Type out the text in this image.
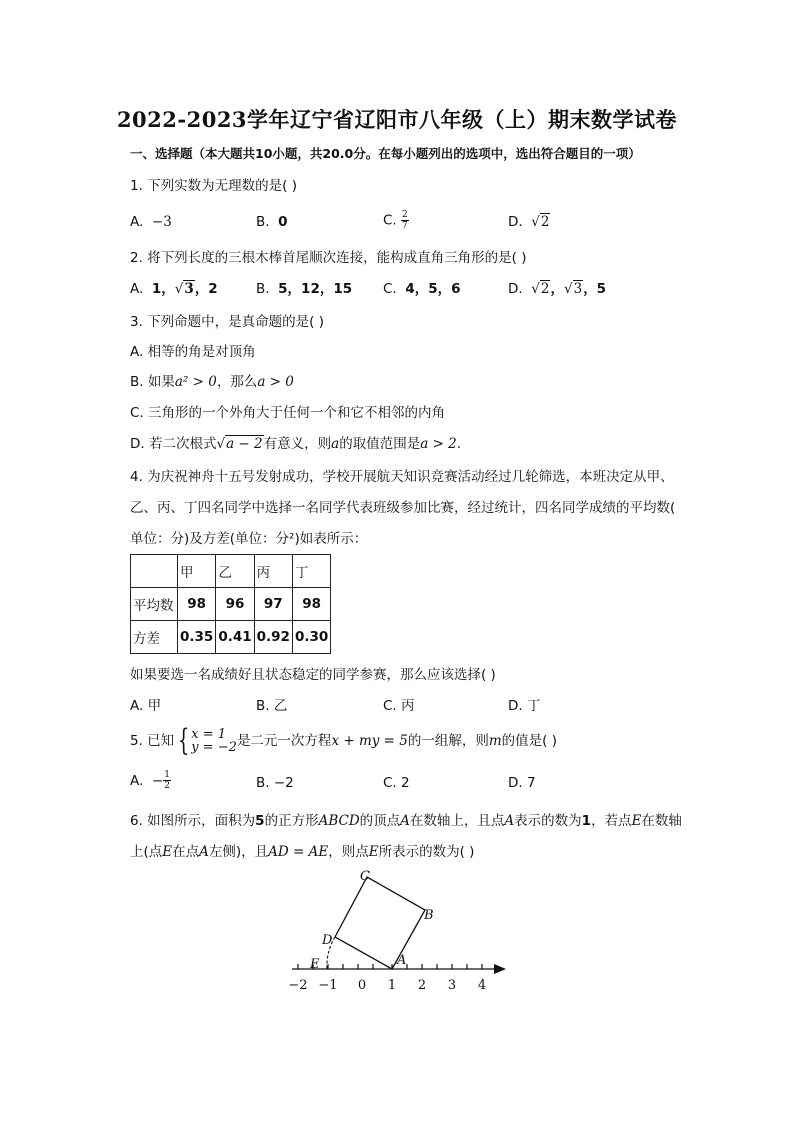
2022-2023学年辽宁省辽阳市八年级（上）期末数学试卷
一、选择题（本大题共10小题，共20.0分。在每小题列出的选项中，选出符合题目的一项）
1. 下列实数为无理数的是( )
A. −3	B. 0	C. $\frac{2}{7}$	D. √2
2. 将下列长度的三根木棒首尾顺次连接，能构成直角三角形的是( )
A. 1，√3，2	B. 5，12，15 C. 4，5，6	D. √2，√3，5
3. 下列命题中，是真命题的是( )
A. 相等的角是对顶角
B. 如果a² > 0，那么a > 0
C. 三角形的一个外角大于任何一个和它不相邻的内角
D. 若二次根式√a − 2有意义，则a的取值范围是a > 2.
4. 为庆祝神舟十五号发射成功，学校开展航天知识竞赛活动经过几轮筛选，本班决定从甲、
乙、丙、丁四名同学中选择一名同学代表班级参加比赛，经过统计，四名同学成绩的平均数(
单位：分)及方差(单位：分²)如表所示：
	甲	乙	丙	丁
平均数	98	96	97	98
方差	0.35	0.41	0.92	0.30
如果要选一名成绩好且状态稳定的同学参赛，那么应该选择( )
A. 甲	B. 乙	C. 丙	D. 丁
5. 已知 { x = 1
y = −2 是二元一次方程 x + my = 5 的一组解，则 m 的值是( )
A.
− $\frac{1}{2}$	B. −2	C. 2	D. 7
6. 如图所示，面积为5的正方形ABCD的顶点A在数轴上，且点A表示的数为1，若点E在数轴
上(点E在点A左侧)，且AD = AE，则点E所表示的数为( )
C
B
D
A
E
−2 −1 0 1 2 3 4
